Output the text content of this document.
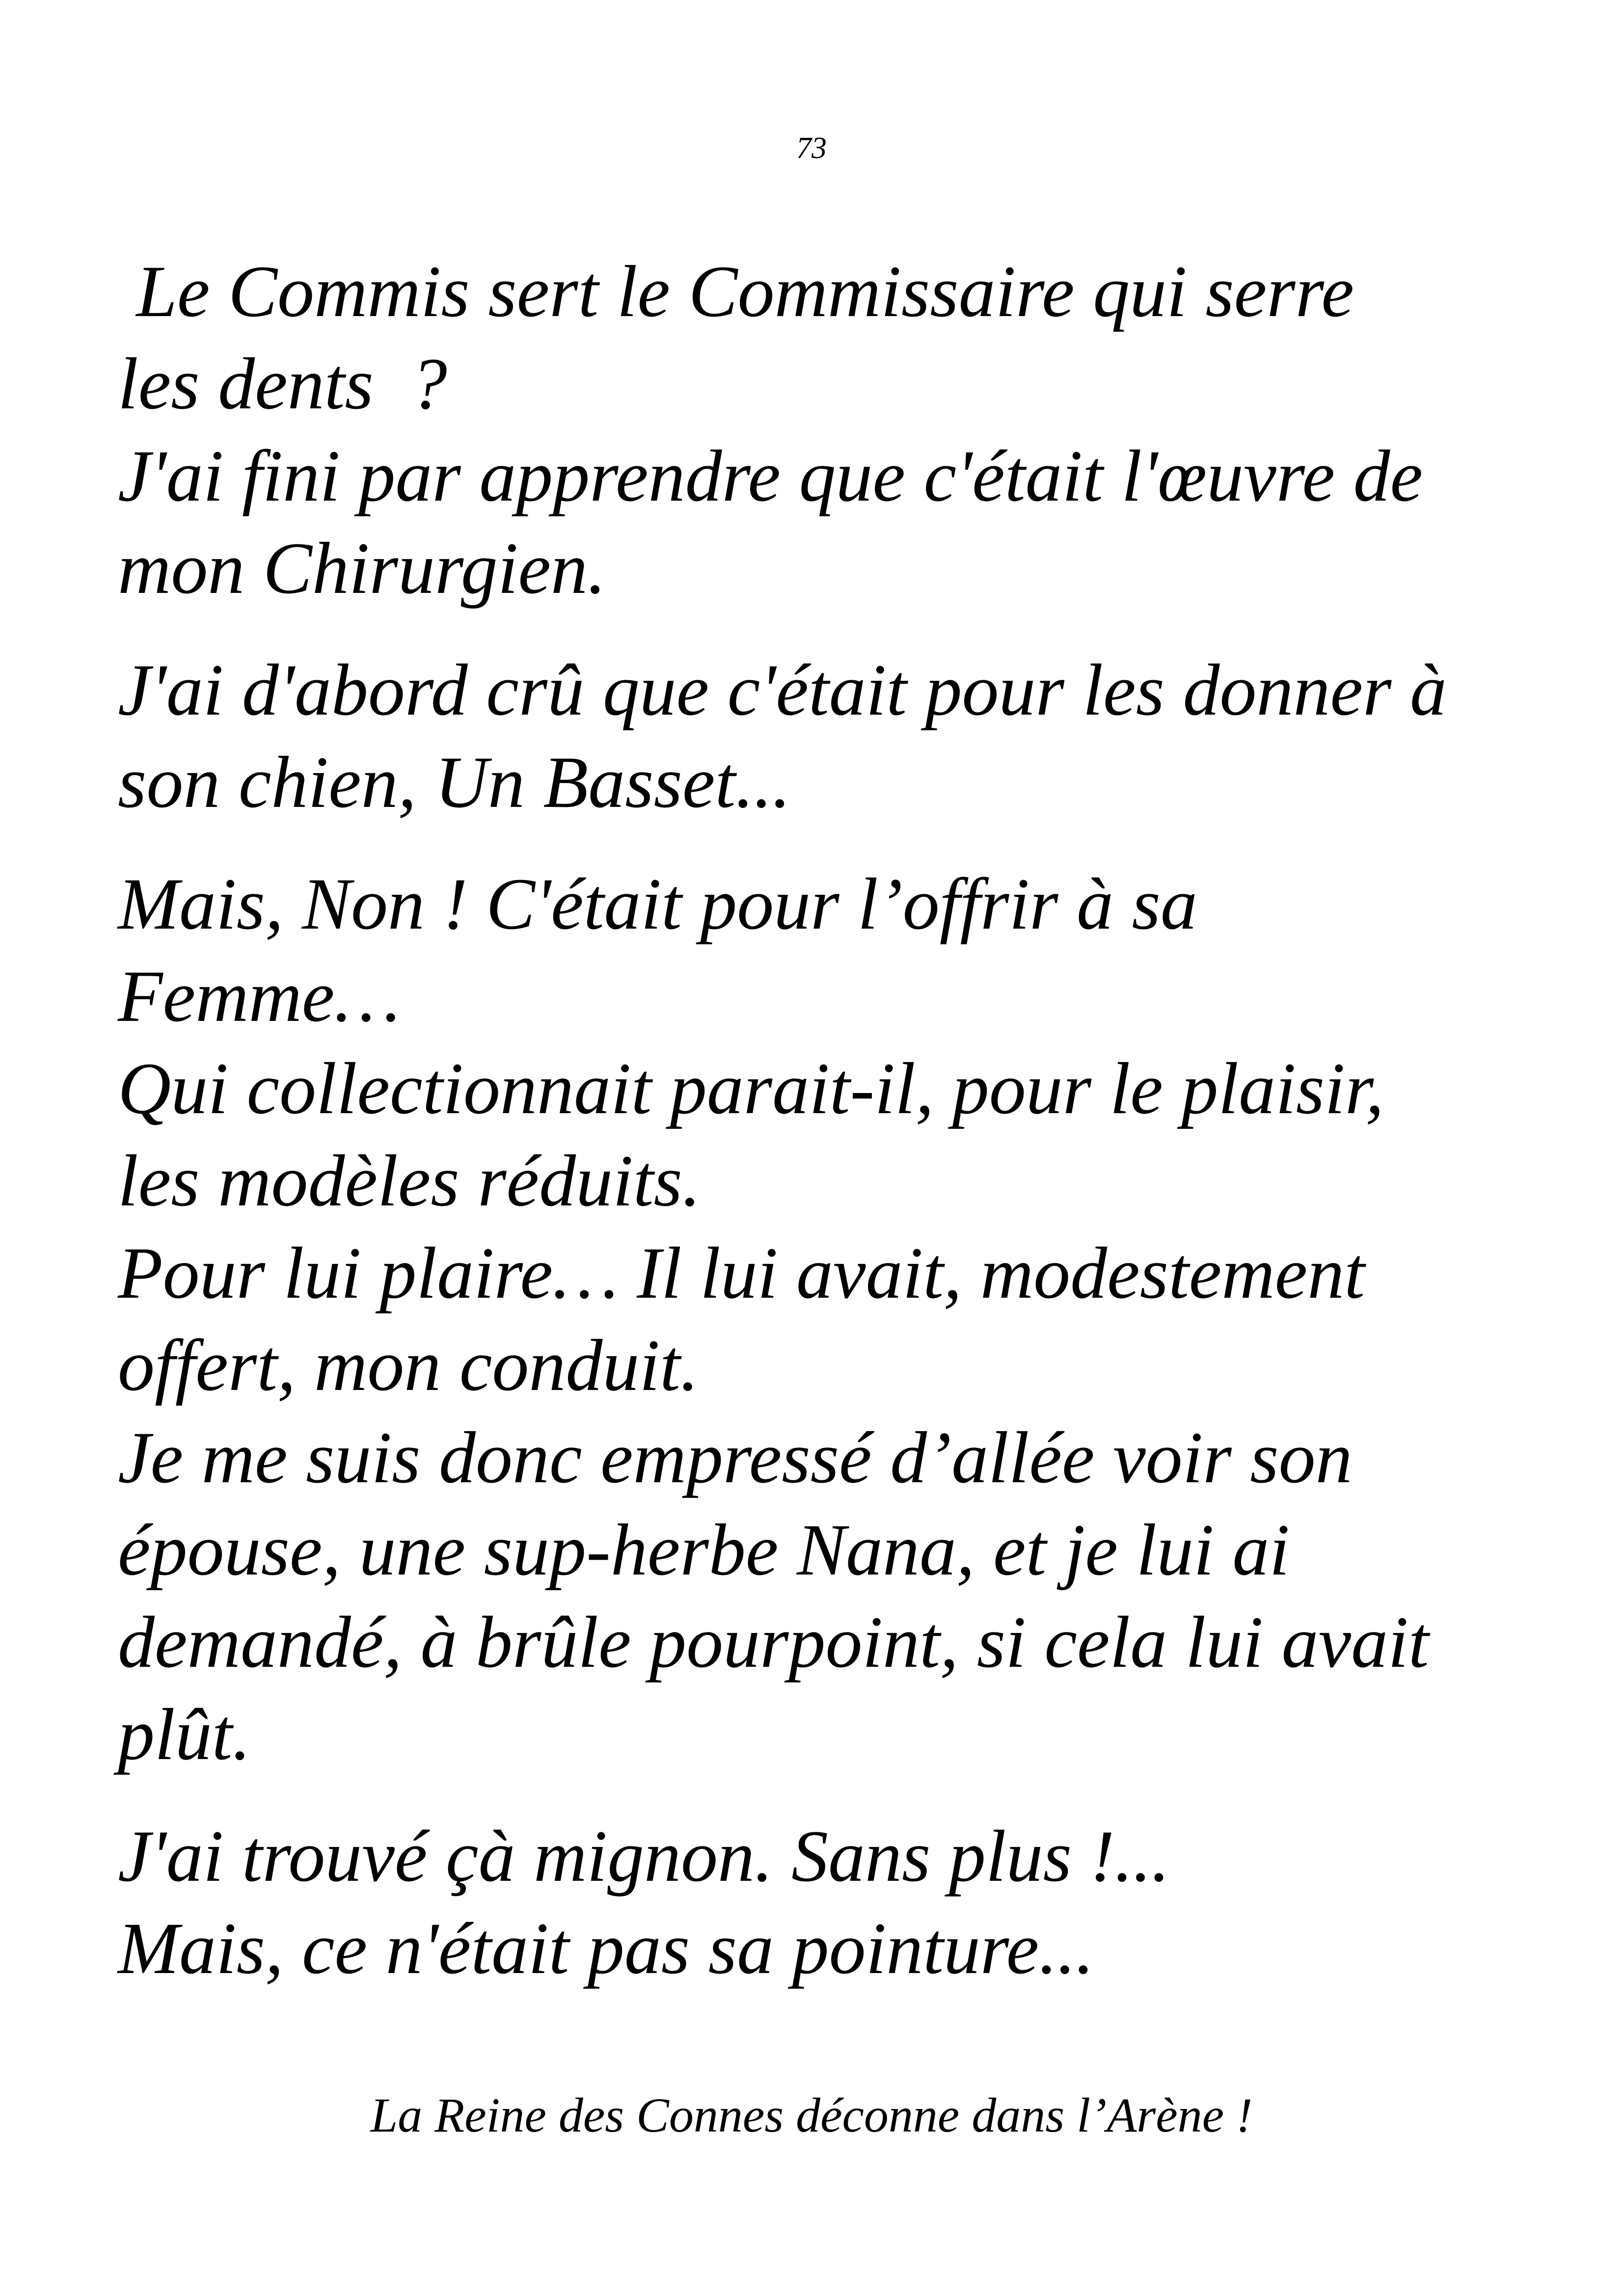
73

Le Commis sert le Commissaire qui serre
les dents  ?
J'ai fini par apprendre que c'était l'œuvre de
mon Chirurgien.

J'ai d'abord crû que c'était pour les donner à
son chien, Un Basset...

Mais, Non ! C'était pour l’offrir à sa
Femme…
Qui collectionnait parait-il, pour le plaisir,
les modèles réduits.
Pour lui plaire… Il lui avait, modestement
offert, mon conduit.
Je me suis donc empressé d’allée voir son
épouse, une sup-herbe Nana, et je lui ai
demandé, à brûle pourpoint, si cela lui avait
plût.

J'ai trouvé çà mignon. Sans plus !...
Mais, ce n'était pas sa pointure...

La Reine des Connes déconne dans l’Arène !
